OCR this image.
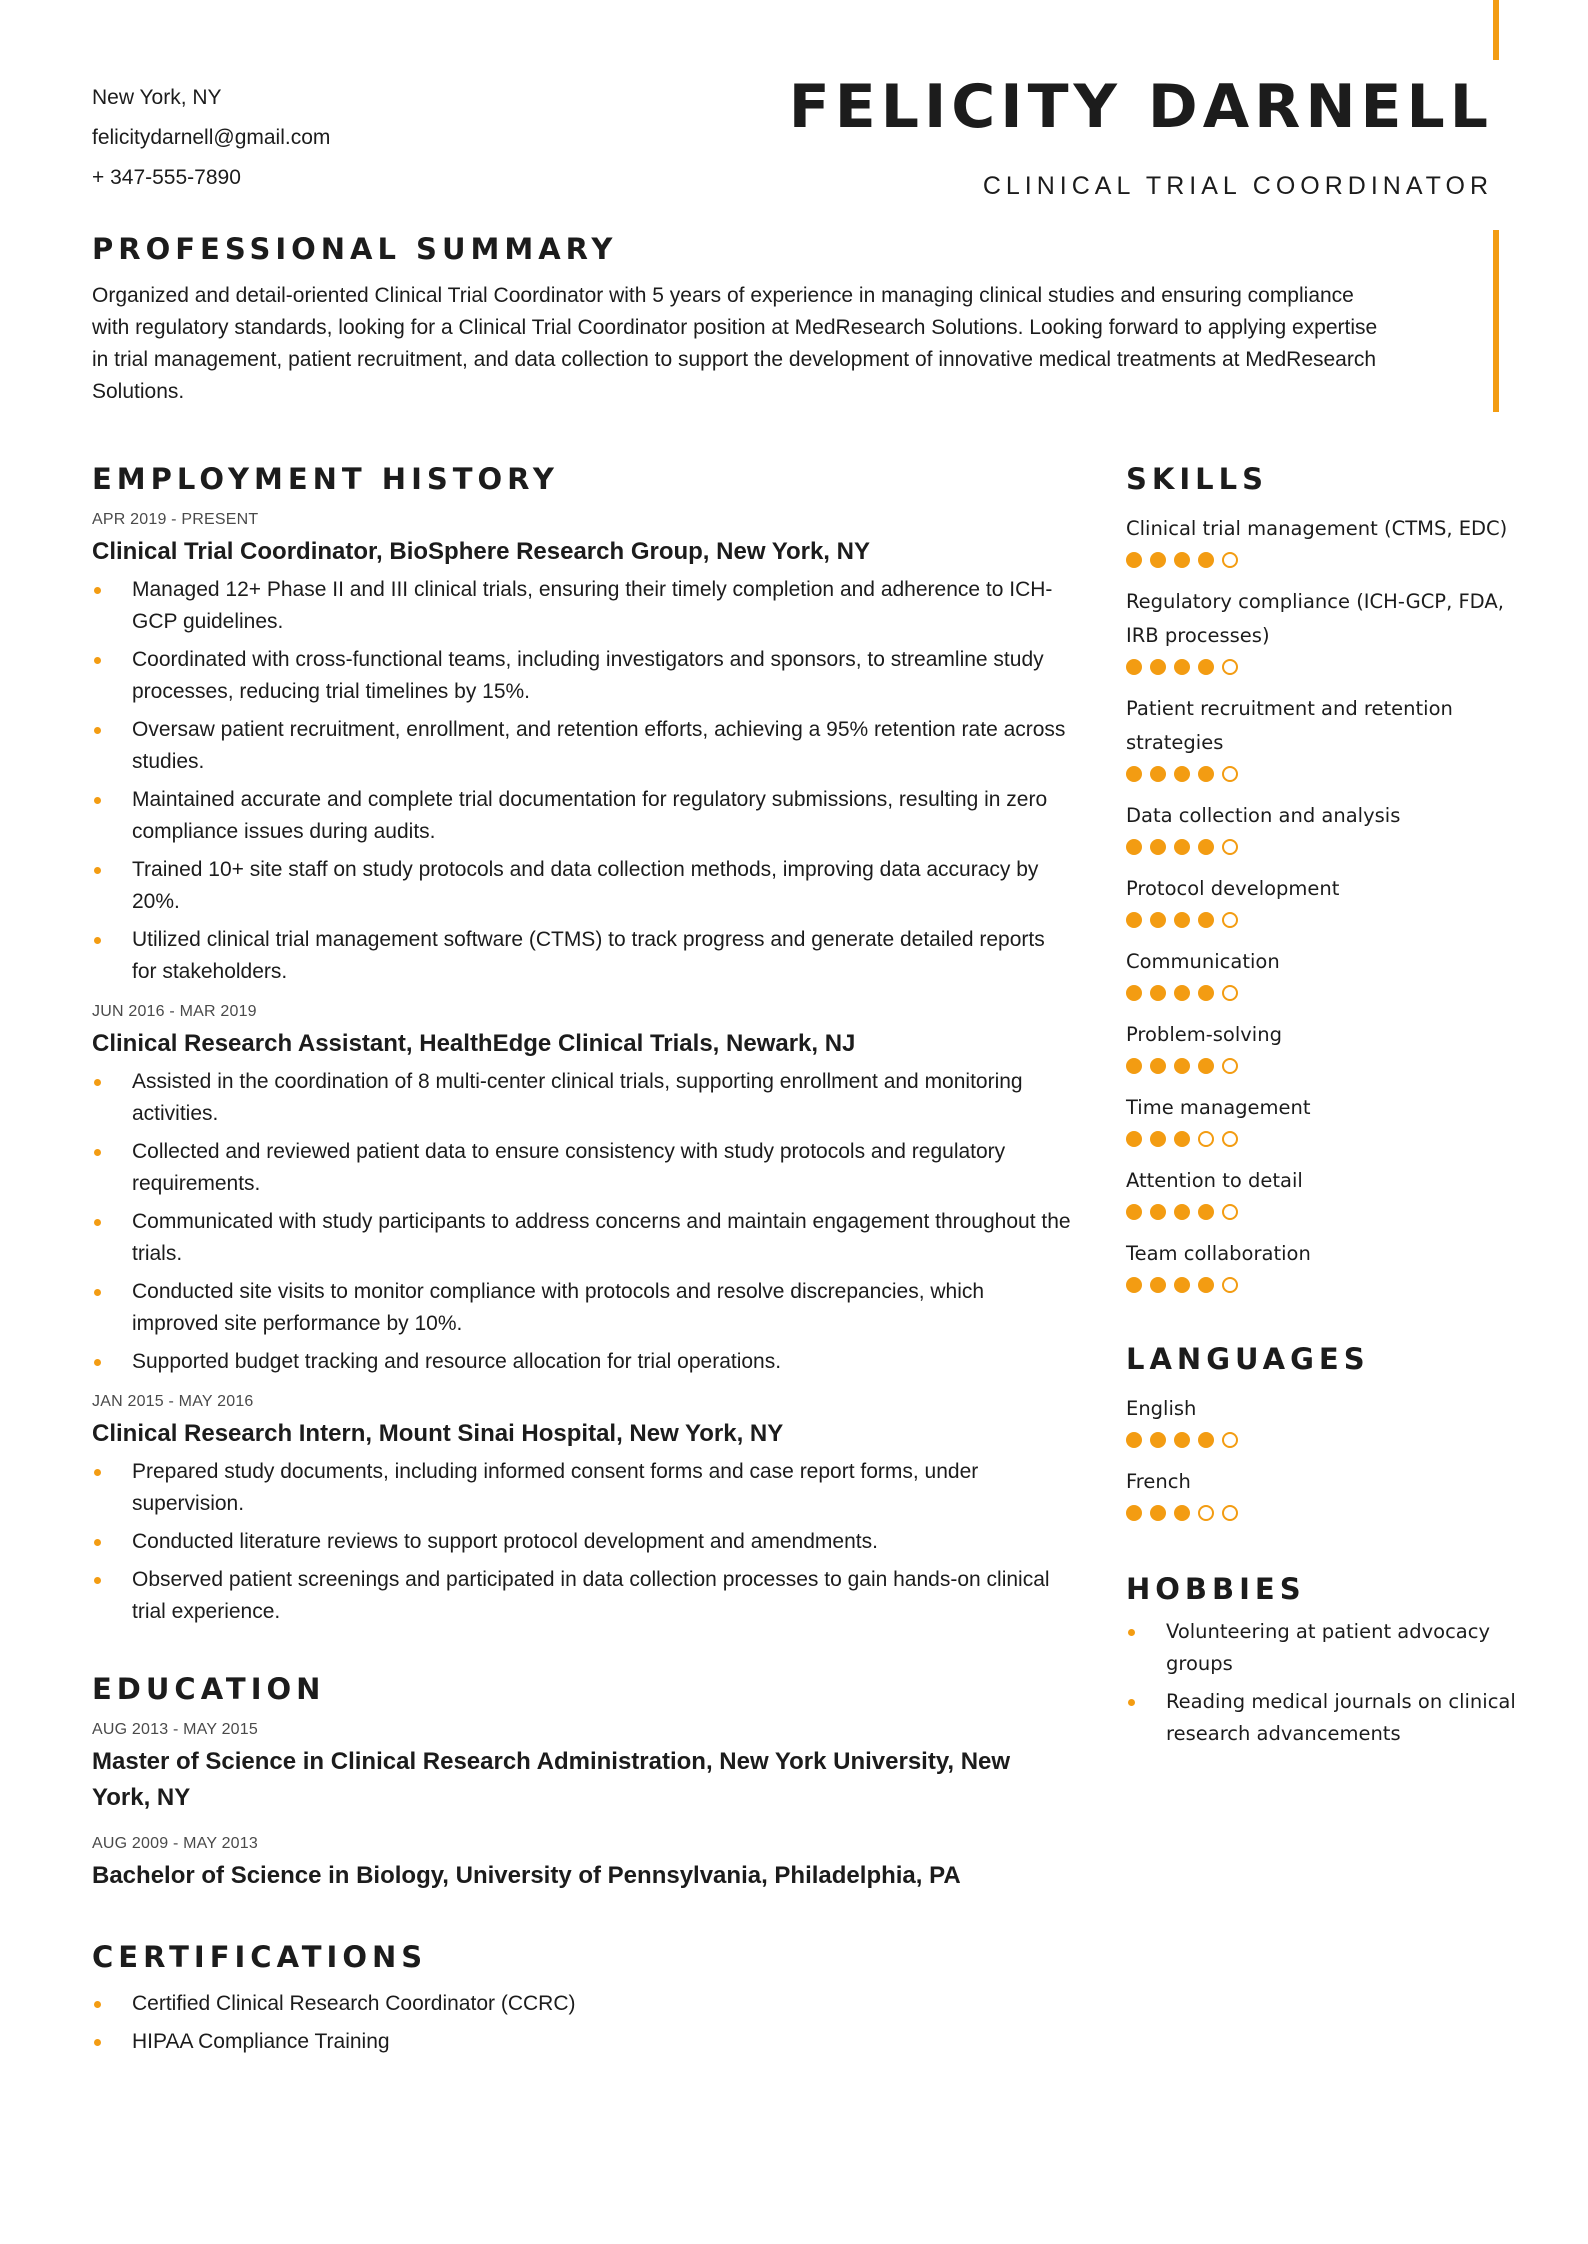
New York, NY
felicitydarnell@gmail.com
+ 347-555-7890
FELICITY DARNELL
CLINICAL TRIAL COORDINATOR
PROFESSIONAL SUMMARY

Organized and detail-oriented Clinical Trial Coordinator with 5 years of experience in managing clinical studies and ensuring compliance with regulatory standards, looking for a Clinical Trial Coordinator position at MedResearch Solutions. Looking forward to applying expertise in trial management, patient recruitment, and data collection to support the development of innovative medical treatments at MedResearch Solutions.

EMPLOYMENT HISTORY
APR 2019 - PRESENT
Clinical Trial Coordinator, BioSphere Research Group, New York, NY
Managed 12+ Phase II and III clinical trials, ensuring their timely completion and adherence to ICH-GCP guidelines.
Coordinated with cross-functional teams, including investigators and sponsors, to streamline study processes, reducing trial timelines by 15%.
Oversaw patient recruitment, enrollment, and retention efforts, achieving a 95% retention rate across studies.
Maintained accurate and complete trial documentation for regulatory submissions, resulting in zero compliance issues during audits.
Trained 10+ site staff on study protocols and data collection methods, improving data accuracy by 20%.
Utilized clinical trial management software (CTMS) to track progress and generate detailed reports for stakeholders.
JUN 2016 - MAR 2019
Clinical Research Assistant, HealthEdge Clinical Trials, Newark, NJ
Assisted in the coordination of 8 multi-center clinical trials, supporting enrollment and monitoring activities.
Collected and reviewed patient data to ensure consistency with study protocols and regulatory requirements.
Communicated with study participants to address concerns and maintain engagement throughout the trials.
Conducted site visits to monitor compliance with protocols and resolve discrepancies, which improved site performance by 10%.
Supported budget tracking and resource allocation for trial operations.
JAN 2015 - MAY 2016
Clinical Research Intern, Mount Sinai Hospital, New York, NY
Prepared study documents, including informed consent forms and case report forms, under supervision.
Conducted literature reviews to support protocol development and amendments.
Observed patient screenings and participated in data collection processes to gain hands-on clinical trial experience.
EDUCATION
AUG 2013 - MAY 2015
Master of Science in Clinical Research Administration, New York University, New York, NY
AUG 2009 - MAY 2013
Bachelor of Science in Biology, University of Pennsylvania, Philadelphia, PA
CERTIFICATIONS
Certified Clinical Research Coordinator (CCRC)
HIPAA Compliance Training
SKILLS
Clinical trial management (CTMS, EDC)
Regulatory compliance (ICH-GCP, FDA, IRB processes)
Patient recruitment and retention strategies
Data collection and analysis
Protocol development
Communication
Problem-solving
Time management
Attention to detail
Team collaboration
LANGUAGES
English
French
HOBBIES
Volunteering at patient advocacy groups
Reading medical journals on clinical research advancements
